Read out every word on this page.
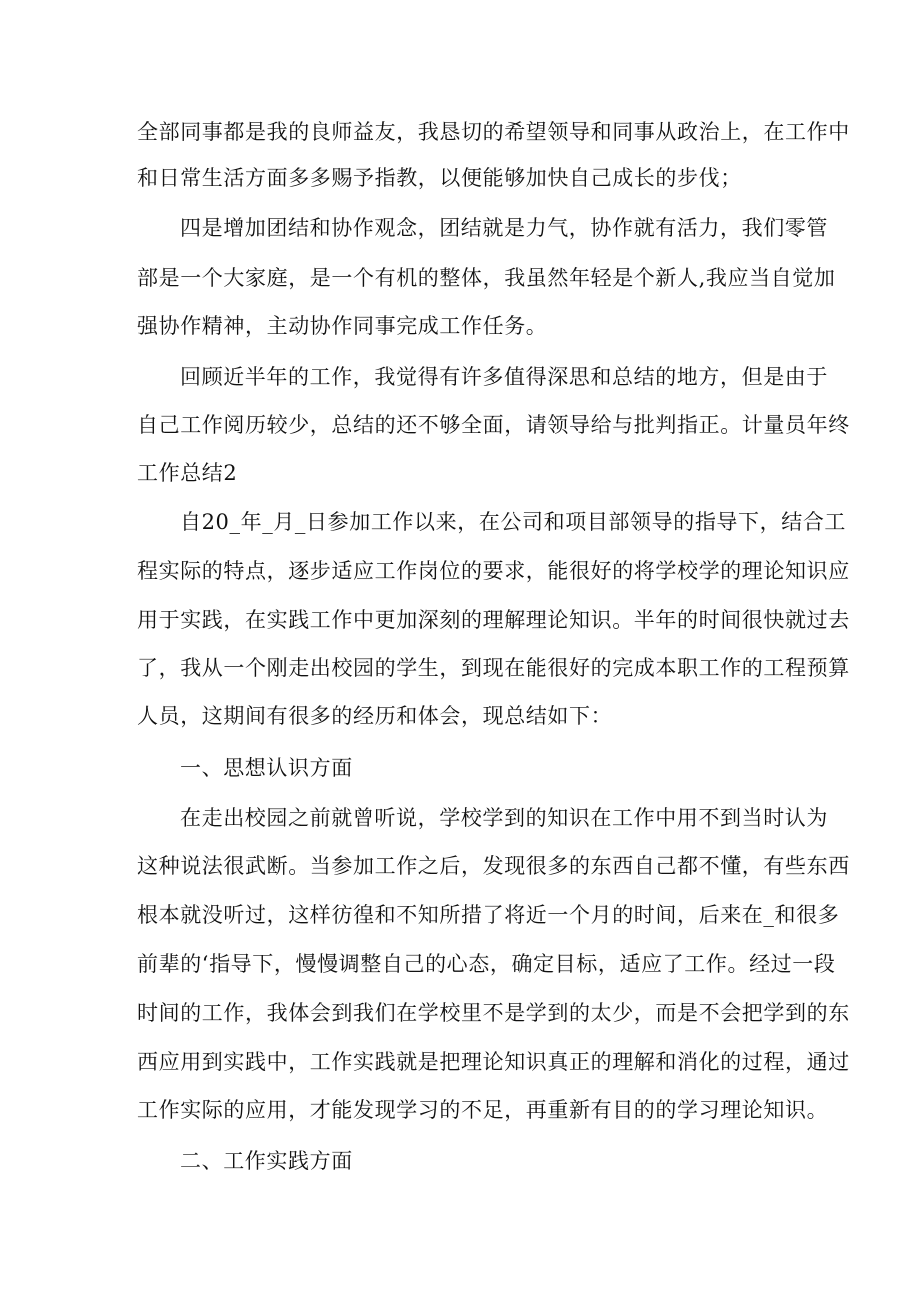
全部同事都是我的良师益友，我恳切的希望领导和同事从政治上，在工作中
和日常生活方面多多赐予指教，以便能够加快自己成长的步伐；
四是增加团结和协作观念，团结就是力气，协作就有活力，我们零管
部是一个大家庭，是一个有机的整体，我虽然年轻是个新人,我应当自觉加
强协作精神，主动协作同事完成工作任务。
回顾近半年的工作，我觉得有许多值得深思和总结的地方，但是由于
自己工作阅历较少，总结的还不够全面，请领导给与批判指正。计量员年终
工作总结2
自20_年_月_日参加工作以来，在公司和项目部领导的指导下，结合工
程实际的特点，逐步适应工作岗位的要求，能很好的将学校学的理论知识应
用于实践，在实践工作中更加深刻的理解理论知识。半年的时间很快就过去
了，我从一个刚走出校园的学生，到现在能很好的完成本职工作的工程预算
人员，这期间有很多的经历和体会，现总结如下：
一、思想认识方面
在走出校园之前就曾听说，学校学到的知识在工作中用不到当时认为
这种说法很武断。当参加工作之后，发现很多的东西自己都不懂，有些东西
根本就没听过，这样彷徨和不知所措了将近一个月的时间，后来在_和很多
前辈的‘指导下，慢慢调整自己的心态，确定目标，适应了工作。经过一段
时间的工作，我体会到我们在学校里不是学到的太少，而是不会把学到的东
西应用到实践中，工作实践就是把理论知识真正的理解和消化的过程，通过
工作实际的应用，才能发现学习的不足，再重新有目的的学习理论知识。
二、工作实践方面
